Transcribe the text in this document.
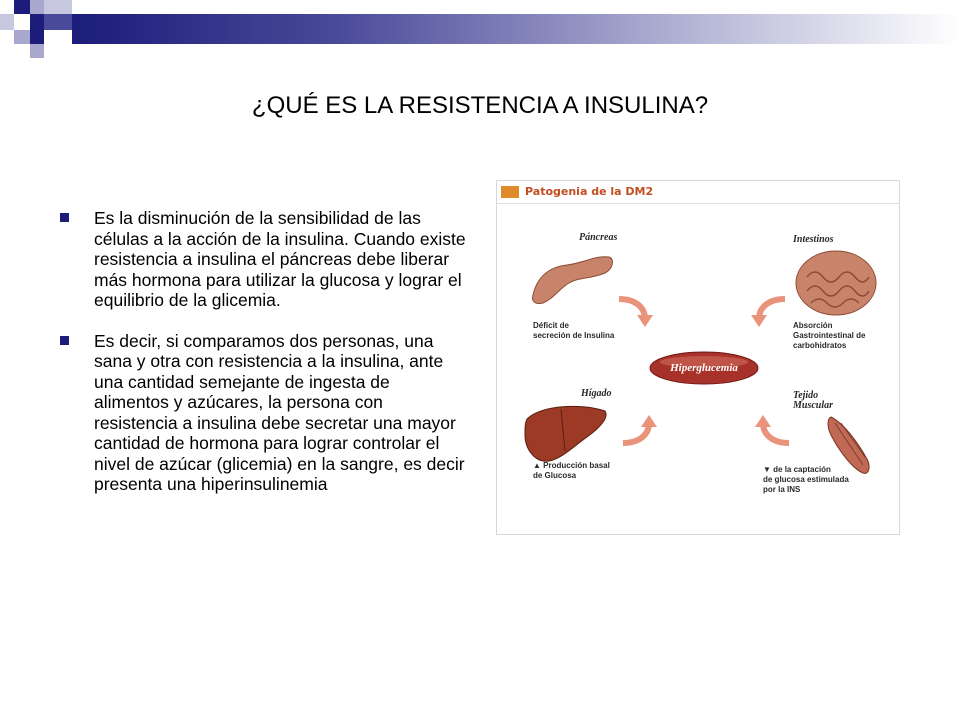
¿QUÉ ES LA RESISTENCIA A INSULINA?
Es la disminución de la sensibilidad de las células a la acción de la insulina. Cuando existe resistencia a insulina el páncreas debe liberar más hormona para utilizar la glucosa y lograr el equilibrio de la glicemia.
Es decir, si comparamos dos personas, una sana y otra con resistencia a la insulina, ante una cantidad semejante de ingesta de alimentos y azúcares, la persona con resistencia a insulina debe secretar una mayor cantidad de hormona para lograr controlar el nivel de azúcar (glicemia) en la sangre, es decir presenta una hiperinsulinemia
Patogenia de la DM2
Páncreas
Déficit de
secreción de Insulina
Intestinos
Absorción
Gastrointestinal de
carbohidratos
Hiperglucemia
Hígado
▲ Producción basal
de Glucosa
Tejido
Muscular
▼ de la captación
de glucosa estimulada
por la INS
